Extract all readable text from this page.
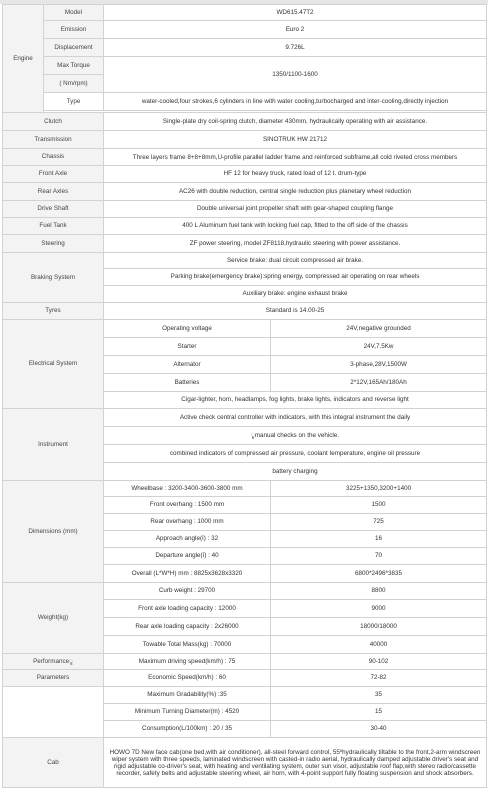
Engine	Model	WD615.47T2	
	Emission	Euro 2	
	Displacement	9.726L	
	Max Torque	1350/1100-1600	
	( Nm/rpm)		
	Type	water-cooled,four strokes,6 cylinders in line with water cooling,turbocharged and inter-cooling,directly injection	

Clutch		Single-plate dry coil-spring clutch, diameter 430mm, hydraulically operating with air assistance.	
Transmission		SINOTRUK HW 21712	
Chassis		Three layers frame 8+8+8mm,U-profile parallel ladder frame and reinforced subframe,all cold riveted cross members	
Front Axle		HF 12 for heavy truck, rated load of 12 t. drum-type	
Rear Axles		AC26 with double reduction, central single reduction plus planetary wheel reduction	
Drive Shaft		Double universal joint propeller shaft with gear-shaped coupling flange	
Fuel Tank		400 L Aluminum fuel tank with locking fuel cap, fitted to the off side of the chassis	
Steering		ZF power steering, model ZF8118,hydraulic steering with power assistance.	
Braking System		Service brake: dual circuit compressed air brake.	
		Parking brake(emergency brake):spring energy, compressed air operating on rear wheels	
		Auxiliary brake: engine exhaust brake	
Tyres		Standard is 14.00-25	
Electrical System		Operating voltage	24V,negative grounded
		Starter	24V,7.5Kw
		Alternator	3-phase,28V,1500W
		Batteries	2*12V,165Ah/180Ah
		Cigar-lighter, horn, headlamps, fog lights, brake lights, indicators and reverse light	
Instrument		Active check central controller with indicators, with this integral instrument the daily	
		ॄmanual checks on the vehicle.	
		combined indicators of compressed air pressure, coolant temperature, engine oil pressure	
		battery charging	
Dimensions (mm)		Wheelbase : 3200-3400-3600-3800 mm	3225+1350,3200+1400
		Front overhang : 1500 mm	1500
		Rear overhang : 1000 mm	725
		Approach angle(ȋ) : 32	16
		Departure angle(ȋ) : 40	70
		Overall (L*W*H) mm : 8825x3628x3320	6800*2496*3835
Weight(kg)		Curb weight : 29700	8800
		Front axle loading capacity : 12000	9000
		Rear axle loading capacity : 2x26000	18000/18000
		Towable Total Mass(kg) : 70000	40000
Performanceॄ		Maximum driving speed(km/h) : 75	90-102
Parameters		Economic Speed(km/h) : 60	72-82
		Maximum Gradability(%) :35	35
		Minimum Turning Diameter(m) : 4520	15
		Consumption(L/100km) : 20 / 35	30-40
Cab		HOWO 7D New face cab(one bed,with air conditioner), all-steel forward control, 55ºhydraulically tiltable to the front,2-arm windscreen wiper system with three speeds, laminated windscreen with casted-in radio aerial, hydraulically damped adjustable driver's seat and rigid adjustable co-driver's seat, with heating and ventilating system, outer sun visor, adjustable roof flap,with stereo radio/cassette recorder, safety belts and adjustable steering wheel, air horn, with 4-point support fully floating suspension and shock absorbers.	
